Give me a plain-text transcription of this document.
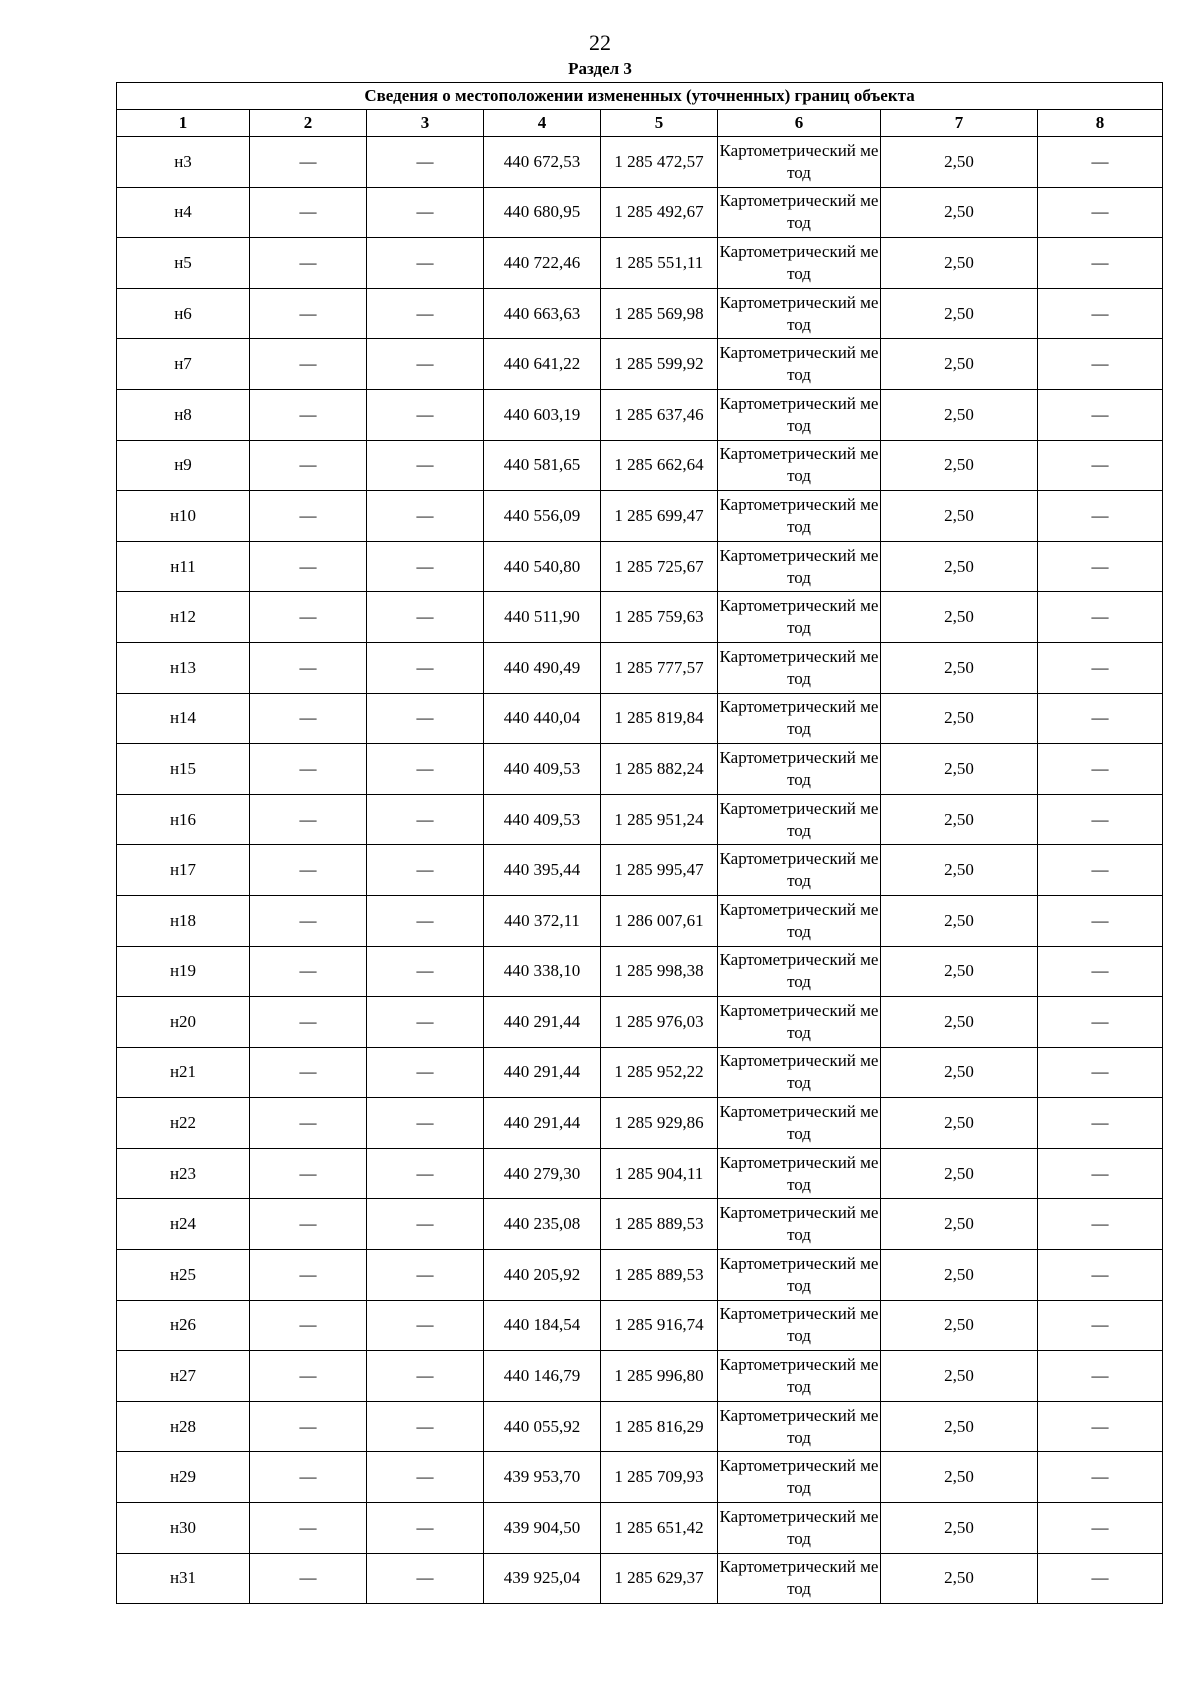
22
Раздел 3
Сведения о местоположении измененных (уточненных) границ объекта							
1	2	3	4	5	6	7	8
н3	—	—	440 672,53	1 285 472,57	Картометрический метод	2,50	—
н4	—	—	440 680,95	1 285 492,67	Картометрический метод	2,50	—
н5	—	—	440 722,46	1 285 551,11	Картометрический метод	2,50	—
н6	—	—	440 663,63	1 285 569,98	Картометрический метод	2,50	—
н7	—	—	440 641,22	1 285 599,92	Картометрический метод	2,50	—
н8	—	—	440 603,19	1 285 637,46	Картометрический метод	2,50	—
н9	—	—	440 581,65	1 285 662,64	Картометрический метод	2,50	—
н10	—	—	440 556,09	1 285 699,47	Картометрический метод	2,50	—
н11	—	—	440 540,80	1 285 725,67	Картометрический метод	2,50	—
н12	—	—	440 511,90	1 285 759,63	Картометрический метод	2,50	—
н13	—	—	440 490,49	1 285 777,57	Картометрический метод	2,50	—
н14	—	—	440 440,04	1 285 819,84	Картометрический метод	2,50	—
н15	—	—	440 409,53	1 285 882,24	Картометрический метод	2,50	—
н16	—	—	440 409,53	1 285 951,24	Картометрический метод	2,50	—
н17	—	—	440 395,44	1 285 995,47	Картометрический метод	2,50	—
н18	—	—	440 372,11	1 286 007,61	Картометрический метод	2,50	—
н19	—	—	440 338,10	1 285 998,38	Картометрический метод	2,50	—
н20	—	—	440 291,44	1 285 976,03	Картометрический метод	2,50	—
н21	—	—	440 291,44	1 285 952,22	Картометрический метод	2,50	—
н22	—	—	440 291,44	1 285 929,86	Картометрический метод	2,50	—
н23	—	—	440 279,30	1 285 904,11	Картометрический метод	2,50	—
н24	—	—	440 235,08	1 285 889,53	Картометрический метод	2,50	—
н25	—	—	440 205,92	1 285 889,53	Картометрический метод	2,50	—
н26	—	—	440 184,54	1 285 916,74	Картометрический метод	2,50	—
н27	—	—	440 146,79	1 285 996,80	Картометрический метод	2,50	—
н28	—	—	440 055,92	1 285 816,29	Картометрический метод	2,50	—
н29	—	—	439 953,70	1 285 709,93	Картометрический метод	2,50	—
н30	—	—	439 904,50	1 285 651,42	Картометрический метод	2,50	—
н31	—	—	439 925,04	1 285 629,37	Картометрический метод	2,50	—
